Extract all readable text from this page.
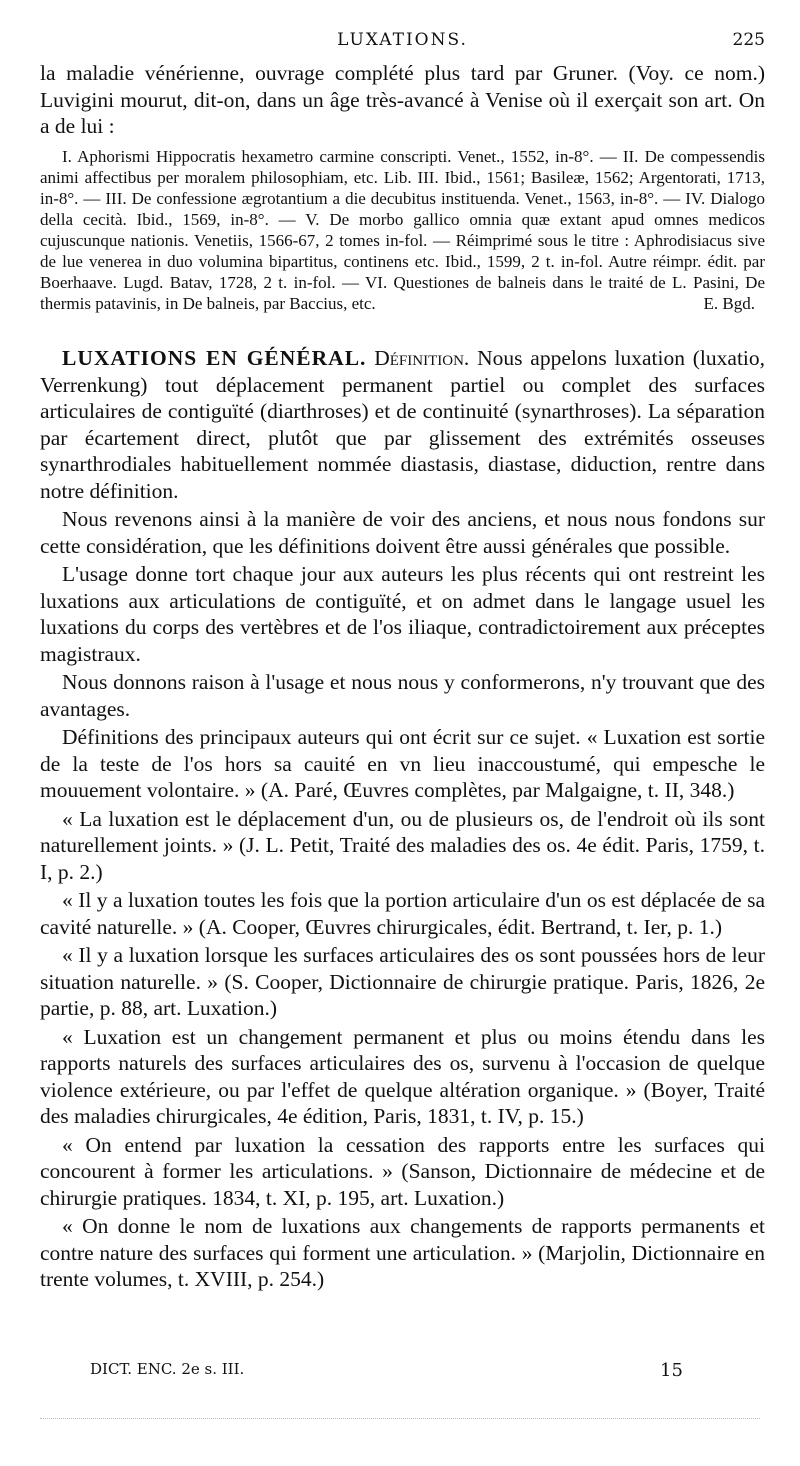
LUXATIONS.	225

la maladie vénérienne, ouvrage complété plus tard par Gruner. (Voy. ce nom.) Luvigini mourut, dit-on, dans un âge très-avancé à Venise où il exerçait son art. On a de lui :

I. Aphorismi Hippocratis hexametro carmine conscripti. Venet., 1552, in-8°. — II. De compessendis animi affectibus per moralem philosophiam, etc. Lib. III. Ibid., 1561; Basileæ, 1562; Argentorati, 1713, in-8°. — III. De confessione ægrotantium a die decubitus instituenda. Venet., 1563, in-8°. — IV. Dialogo della cecità. Ibid., 1569, in-8°. — V. De morbo gallico omnia quæ extant apud omnes medicos cujuscunque nationis. Venetiis, 1566-67, 2 tomes in-fol. — Réimprimé sous le titre : Aphrodisiacus sive de lue venerea in duo volumina bipartitus, continens etc. Ibid., 1599, 2 t. in-fol. Autre réimpr. édit. par Boerhaave. Lugd. Batav, 1728, 2 t. in-fol. — VI. Questiones de balneis dans le traité de L. Pasini, De thermis patavinis, in De balneis, par Baccius, etc.	E. Bgd.

LUXATIONS EN GÉNÉRAL. Définition. Nous appelons luxation (luxatio, Verrenkung) tout déplacement permanent partiel ou complet des surfaces articulaires de contiguïté (diarthroses) et de continuité (synarthroses). La séparation par écartement direct, plutôt que par glissement des extrémités osseuses synarthrodiales habituellement nommée diastasis, diastase, diduction, rentre dans notre définition.

Nous revenons ainsi à la manière de voir des anciens, et nous nous fondons sur cette considération, que les définitions doivent être aussi générales que possible.

L'usage donne tort chaque jour aux auteurs les plus récents qui ont restreint les luxations aux articulations de contiguïté, et on admet dans le langage usuel les luxations du corps des vertèbres et de l'os iliaque, contradictoirement aux préceptes magistraux.

Nous donnons raison à l'usage et nous nous y conformerons, n'y trouvant que des avantages.

Définitions des principaux auteurs qui ont écrit sur ce sujet. « Luxation est sortie de la teste de l'os hors sa cauité en vn lieu inaccoustumé, qui empesche le mouuement volontaire. » (A. Paré, Œuvres complètes, par Malgaigne, t. II, 348.)

« La luxation est le déplacement d'un, ou de plusieurs os, de l'endroit où ils sont naturellement joints. » (J. L. Petit, Traité des maladies des os. 4e édit. Paris, 1759, t. I, p. 2.)

« Il y a luxation toutes les fois que la portion articulaire d'un os est déplacée de sa cavité naturelle. » (A. Cooper, Œuvres chirurgicales, édit. Bertrand, t. Ier, p. 1.)

« Il y a luxation lorsque les surfaces articulaires des os sont poussées hors de leur situation naturelle. » (S. Cooper, Dictionnaire de chirurgie pratique. Paris, 1826, 2e partie, p. 88, art. Luxation.)

« Luxation est un changement permanent et plus ou moins étendu dans les rapports naturels des surfaces articulaires des os, survenu à l'occasion de quelque violence extérieure, ou par l'effet de quelque altération organique. » (Boyer, Traité des maladies chirurgicales, 4e édition, Paris, 1831, t. IV, p. 15.)

« On entend par luxation la cessation des rapports entre les surfaces qui concourent à former les articulations. » (Sanson, Dictionnaire de médecine et de chirurgie pratiques. 1834, t. XI, p. 195, art. Luxation.)

« On donne le nom de luxations aux changements de rapports permanents et contre nature des surfaces qui forment une articulation. » (Marjolin, Dictionnaire en trente volumes, t. XVIII, p. 254.)

DICT. ENC. 2e s. III.	15
